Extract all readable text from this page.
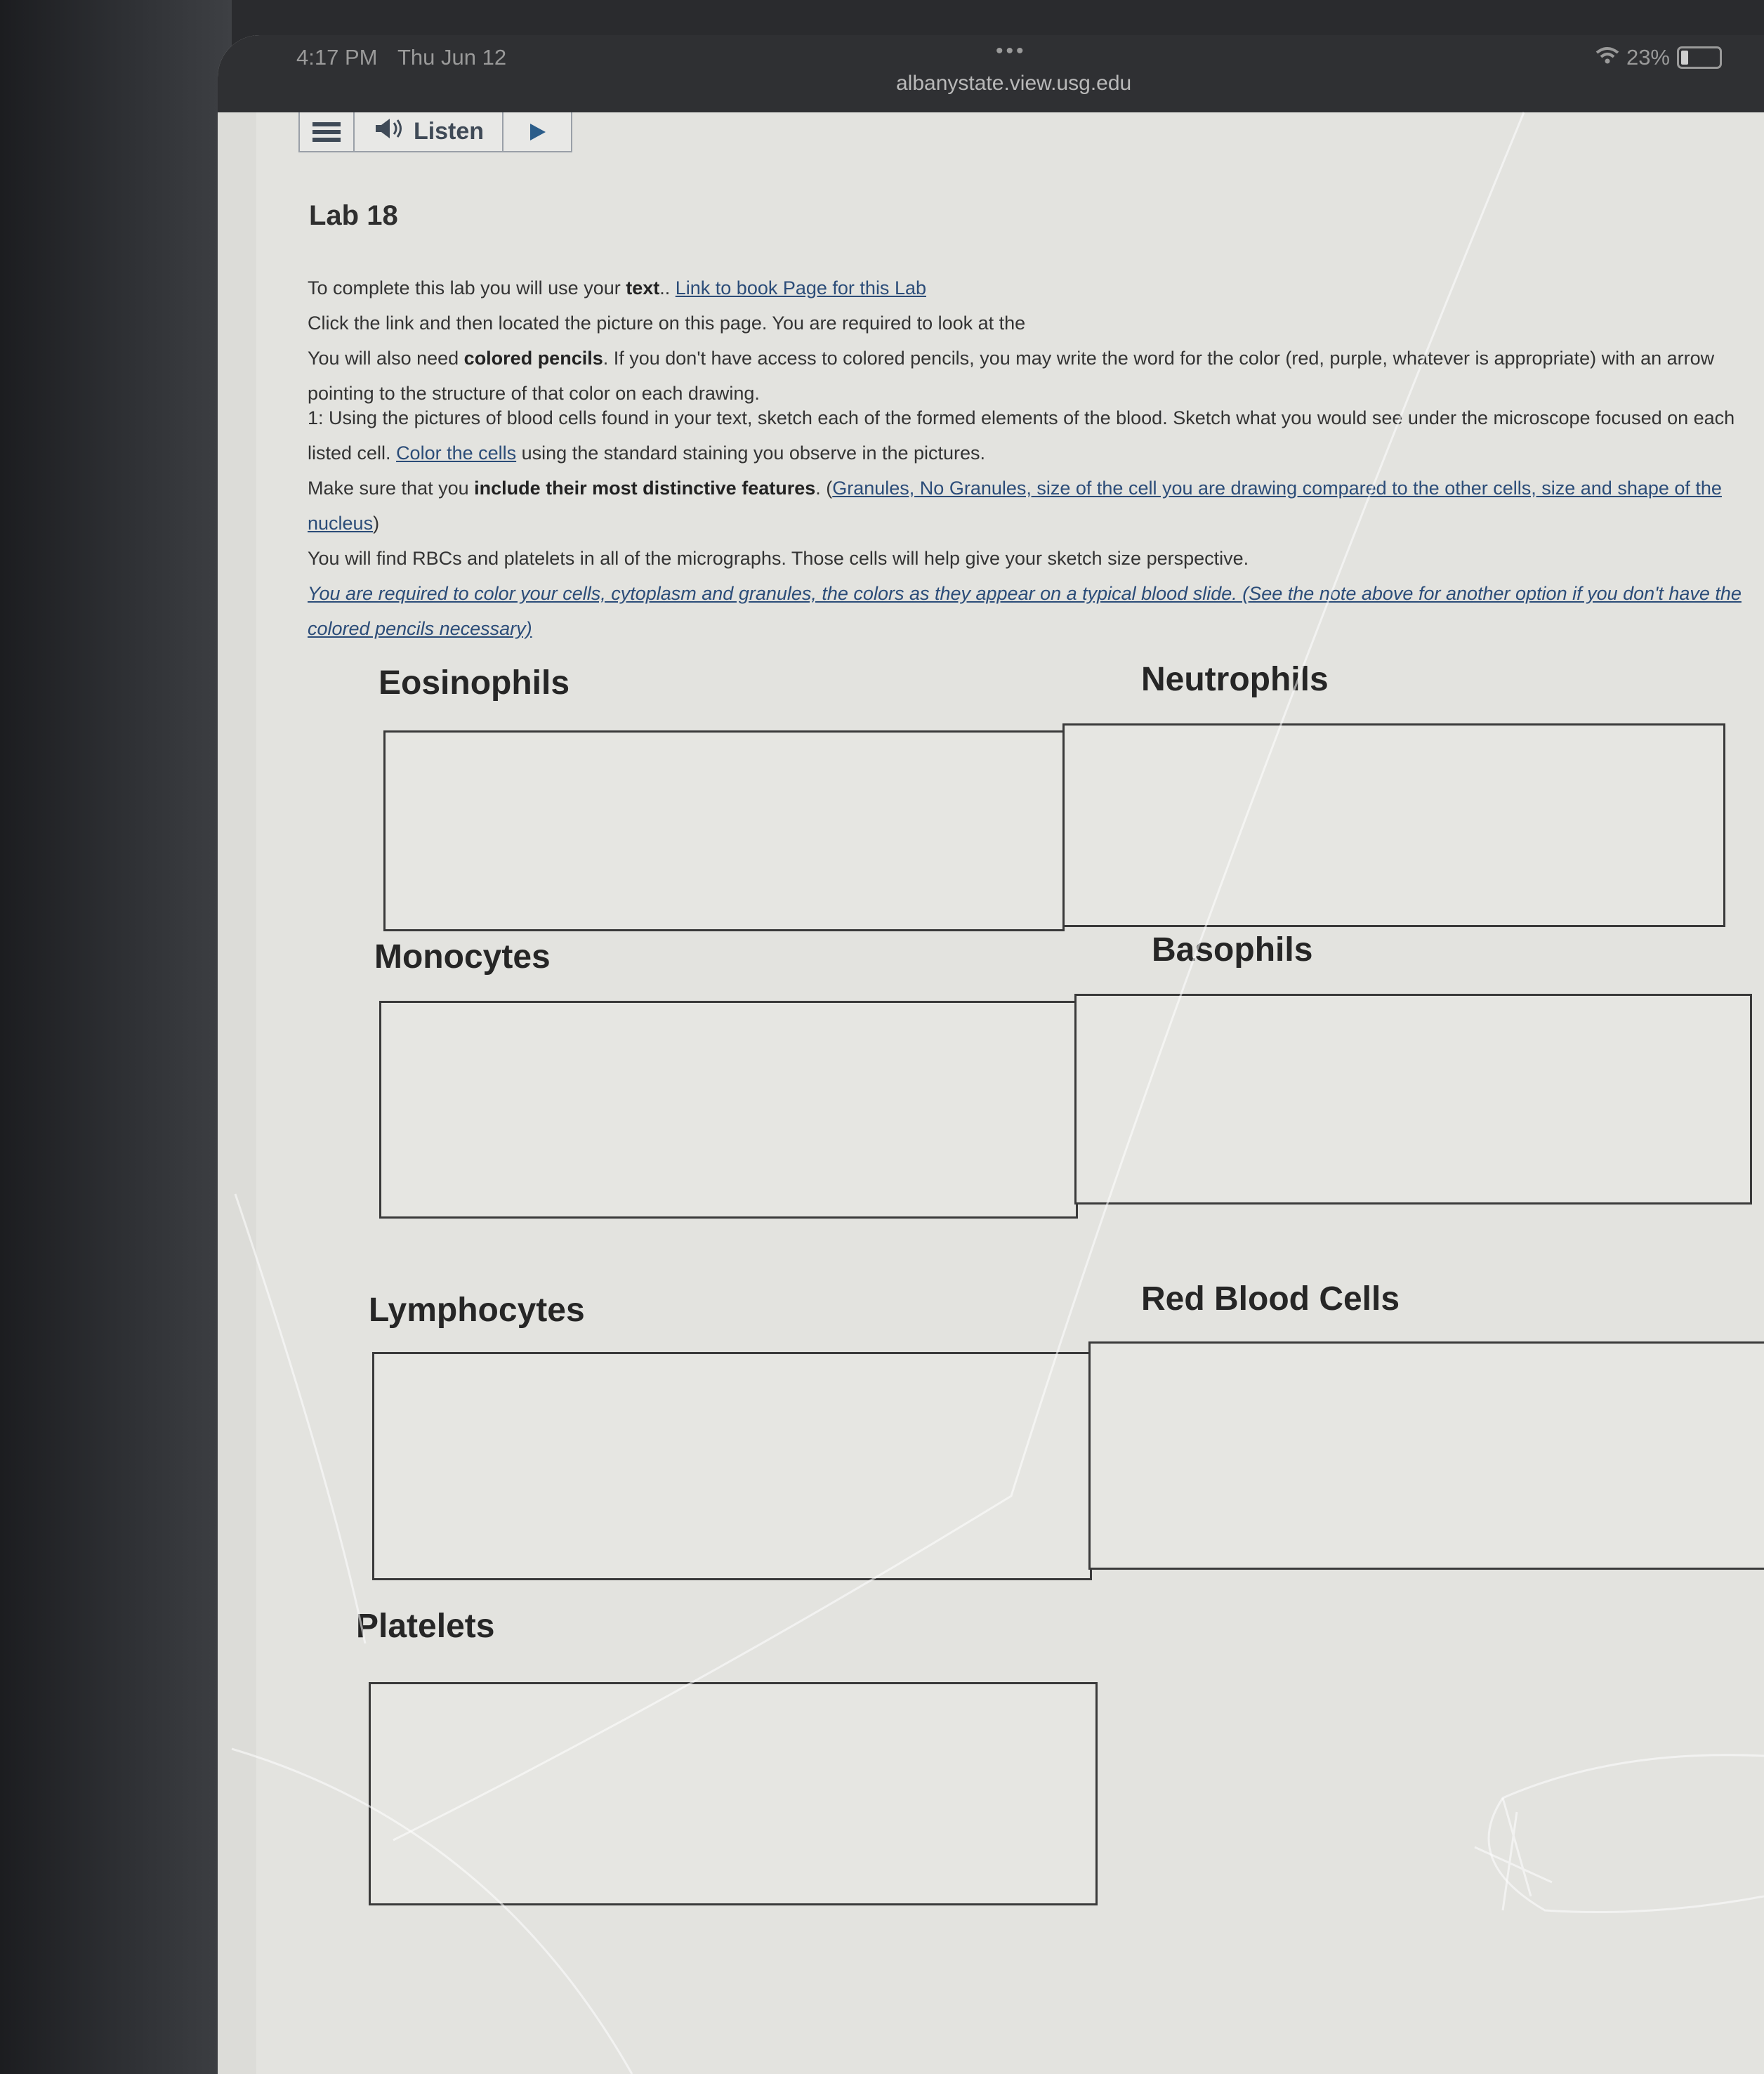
4:17 PM Thu Jun 12	•••
albanystate.view.usg.edu
23%
Listen
Lab 18

To complete this lab you will use your text.. Link to book Page for this Lab

Click the link and then located the picture on this page. You are required to look at the

You will also need colored pencils. If you don't have access to colored pencils, you may write the word for the color (red, purple, whatever is appropriate) with an arrow pointing to the structure of that color on each drawing.

1: Using the pictures of blood cells found in your text, sketch each of the formed elements of the blood. Sketch what you would see under the microscope focused on each listed cell. Color the cells using the standard staining you observe in the pictures.

Make sure that you include their most distinctive features. (Granules, No Granules, size of the cell you are drawing compared to the other cells, size and shape of the nucleus)

You will find RBCs and platelets in all of the micrographs. Those cells will help give your sketch size perspective.

You are required to color your cells, cytoplasm and granules, the colors as they appear on a typical blood slide. (See the note above for another option if you don't have the colored pencils necessary)

Eosinophils	Neutrophils
Monocytes	Basophils
Lymphocytes	Red Blood Cells
Platelets
